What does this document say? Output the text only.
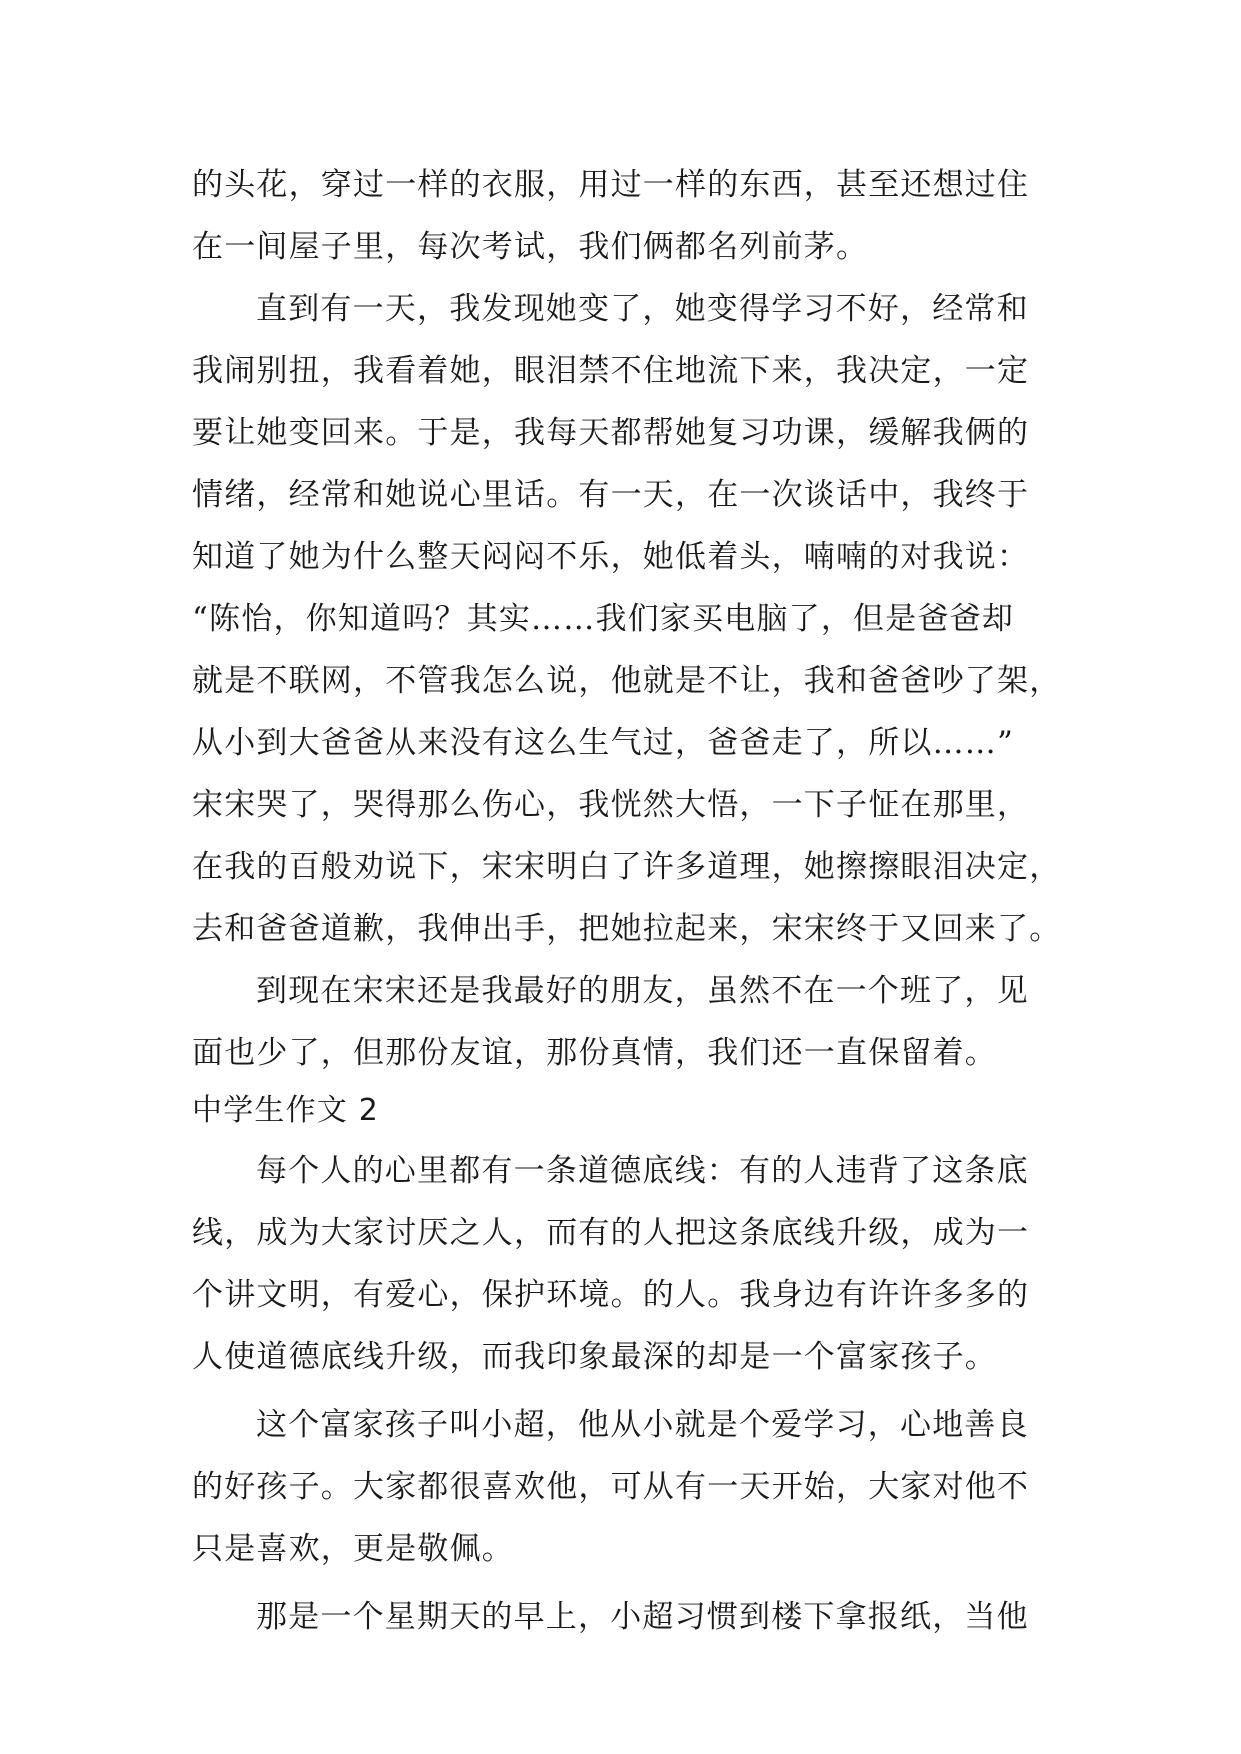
的头花，穿过一样的衣服，用过一样的东西，甚至还想过住
在一间屋子里，每次考试，我们俩都名列前茅。
直到有一天，我发现她变了，她变得学习不好，经常和
我闹别扭，我看着她，眼泪禁不住地流下来，我决定，一定
要让她变回来。于是，我每天都帮她复习功课，缓解我俩的
情绪，经常和她说心里话。有一天，在一次谈话中，我终于
知道了她为什么整天闷闷不乐，她低着头，喃喃的对我说：
“陈怡，你知道吗？其实……我们家买电脑了，但是爸爸却
就是不联网，不管我怎么说，他就是不让，我和爸爸吵了架，
从小到大爸爸从来没有这么生气过，爸爸走了，所以……”
宋宋哭了，哭得那么伤心，我恍然大悟，一下子怔在那里，
在我的百般劝说下，宋宋明白了许多道理，她擦擦眼泪决定，
去和爸爸道歉，我伸出手，把她拉起来，宋宋终于又回来了。
到现在宋宋还是我最好的朋友，虽然不在一个班了，见
面也少了，但那份友谊，那份真情，我们还一直保留着。
中学生作文 2
每个人的心里都有一条道德底线：有的人违背了这条底
线，成为大家讨厌之人，而有的人把这条底线升级，成为一
个讲文明，有爱心，保护环境。的人。我身边有许许多多的
人使道德底线升级，而我印象最深的却是一个富家孩子。
这个富家孩子叫小超，他从小就是个爱学习，心地善良
的好孩子。大家都很喜欢他，可从有一天开始，大家对他不
只是喜欢，更是敬佩。
那是一个星期天的早上，小超习惯到楼下拿报纸，当他
